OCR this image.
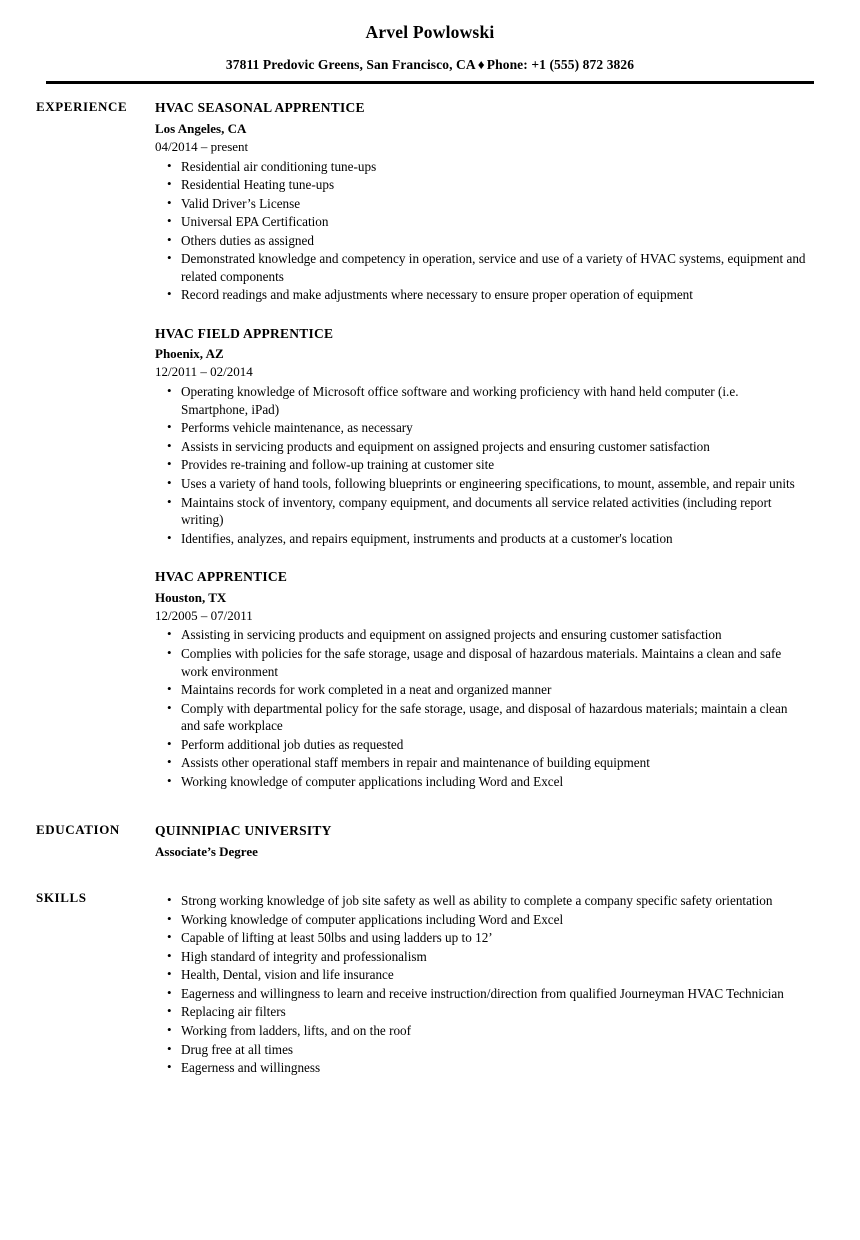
Arvel Powlowski
37811 Predovic Greens, San Francisco, CA ♦ Phone: +1 (555) 872 3826
EXPERIENCE	HVAC SEASONAL APPRENTICE
Los Angeles, CA
04/2014 – present
• Residential air conditioning tune-ups
• Residential Heating tune-ups
• Valid Driver’s License
• Universal EPA Certification
• Others duties as assigned
• Demonstrated knowledge and competency in operation, service and use of a variety of HVAC systems, equipment and related components
• Record readings and make adjustments where necessary to ensure proper operation of equipment
HVAC FIELD APPRENTICE
Phoenix, AZ
12/2011 – 02/2014
• Operating knowledge of Microsoft office software and working proficiency with hand held computer (i.e. Smartphone, iPad)
• Performs vehicle maintenance, as necessary
• Assists in servicing products and equipment on assigned projects and ensuring customer satisfaction
• Provides re-training and follow-up training at customer site
• Uses a variety of hand tools, following blueprints or engineering specifications, to mount, assemble, and repair units
• Maintains stock of inventory, company equipment, and documents all service related activities (including report writing)
• Identifies, analyzes, and repairs equipment, instruments and products at a customer's location
HVAC APPRENTICE
Houston, TX
12/2005 – 07/2011
• Assisting in servicing products and equipment on assigned projects and ensuring customer satisfaction
• Complies with policies for the safe storage, usage and disposal of hazardous materials. Maintains a clean and safe work environment
• Maintains records for work completed in a neat and organized manner
• Comply with departmental policy for the safe storage, usage, and disposal of hazardous materials; maintain a clean and safe workplace
• Perform additional job duties as requested
• Assists other operational staff members in repair and maintenance of building equipment
• Working knowledge of computer applications including Word and Excel
EDUCATION	QUINNIPIAC UNIVERSITY
Associate’s Degree
SKILLS	• Strong working knowledge of job site safety as well as ability to complete a company specific safety orientation
• Working knowledge of computer applications including Word and Excel
• Capable of lifting at least 50lbs and using ladders up to 12’
• High standard of integrity and professionalism
• Health, Dental, vision and life insurance
• Eagerness and willingness to learn and receive instruction/direction from qualified Journeyman HVAC Technician
• Replacing air filters
• Working from ladders, lifts, and on the roof
• Drug free at all times
• Eagerness and willingness
